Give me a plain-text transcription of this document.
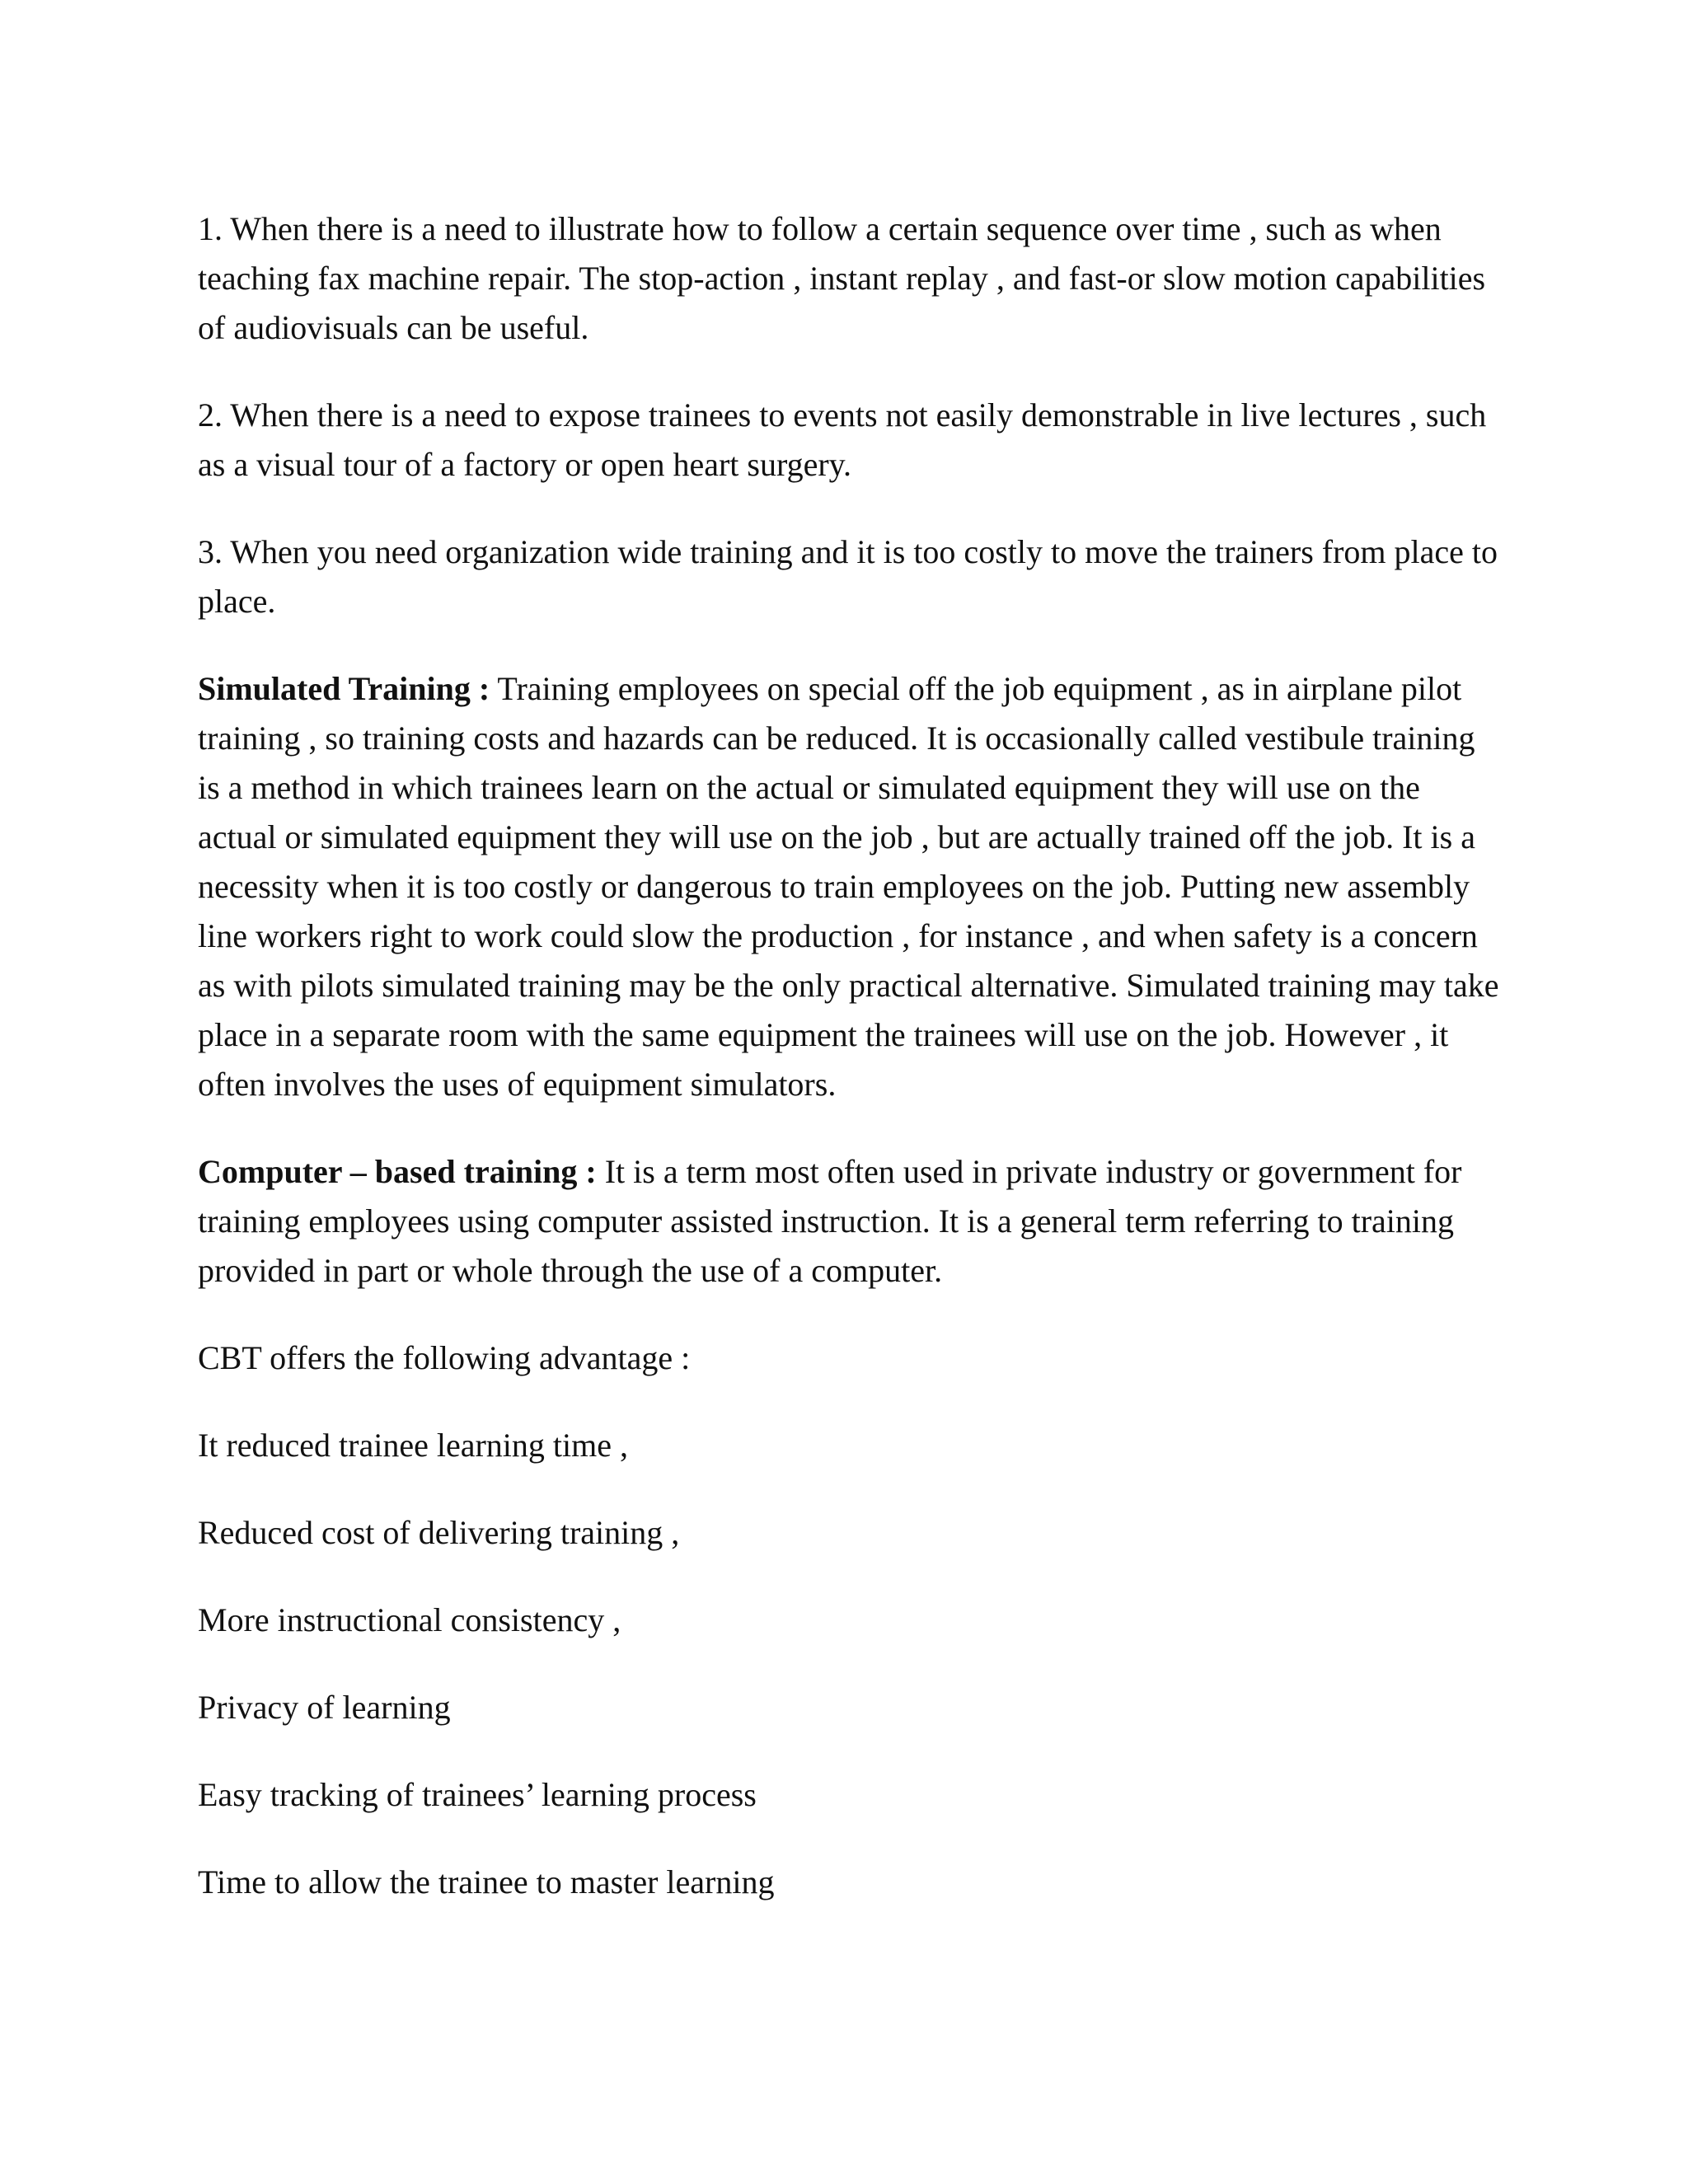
1. When there is a need to illustrate how to follow a certain sequence over time , such as when teaching fax machine repair. The stop-action , instant replay , and fast-or slow motion capabilities of audiovisuals can be useful.

2. When there is a need to expose trainees to events not easily demonstrable in live lectures , such as a visual tour of a factory or open heart surgery.

3. When you need organization wide training and it is too costly to move the trainers from place to place.

Simulated Training : Training employees on special off the job equipment , as in airplane pilot training , so training costs and hazards can be reduced. It is occasionally called vestibule training is a method in which trainees learn on the actual or simulated equipment they will use on the actual or simulated equipment they will use on the job , but are actually trained off the job. It is a necessity when it is too costly or dangerous to train employees on the job. Putting new assembly line workers right to work could slow the production , for instance , and when safety is a concern as with pilots simulated training may be the only practical alternative. Simulated training may take place in a separate room with the same equipment the trainees will use on the job. However , it often involves the uses of equipment simulators.

Computer – based training : It is a term most often used in private industry or government for training employees using computer assisted instruction. It is a general term referring to training provided in part or whole through the use of a computer.

CBT offers the following advantage :

It reduced trainee learning time ,

Reduced cost of delivering training ,

More instructional consistency ,

Privacy of learning

Easy tracking of trainees’ learning process

Time to allow the trainee to master learning
